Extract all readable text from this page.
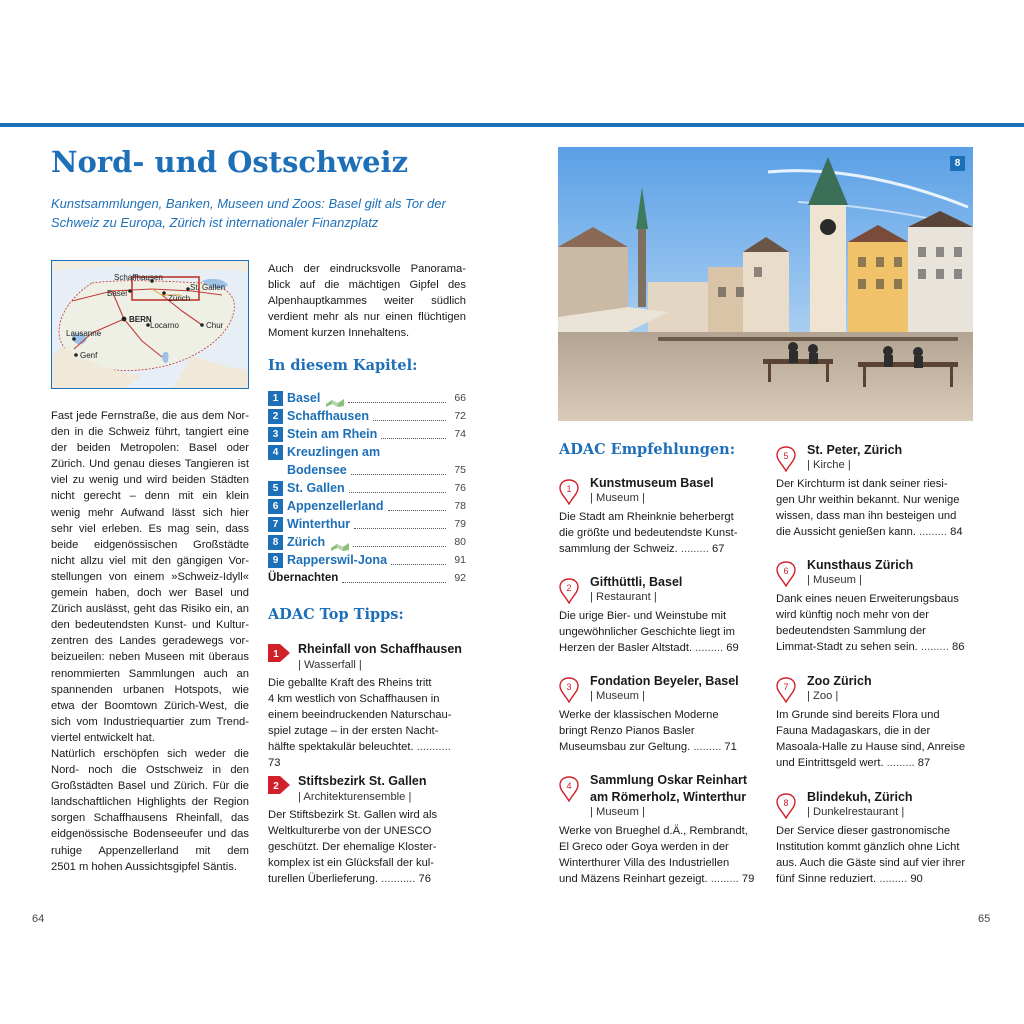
Nord- und Ostschweiz

Kunstsammlungen, Banken, Museen und Zoos: Basel gilt als Tor der Schweiz zu Europa, Zürich ist internationaler Finanzplatz

Schaffhausen
Basel
Zürich
St. Gallen
BERN
Chur
Lausanne
Genf
Locarno
Fast jede Fernstraße, die aus dem Nor-
den in die Schweiz führt, tangiert eine
der beiden Metropolen: Basel oder
Zürich. Und genau dieses Tangieren ist
viel zu wenig und wird beiden Städten
nicht gerecht – denn mit ein klein
wenig mehr Aufwand lässt sich hier
sehr viel erleben. Es mag sein, dass
beide eidgenössischen Großstädte
nicht allzu viel mit den gängigen Vor-
stellungen von einem »Schweiz-Idyll«
gemein haben, doch wer Basel und
Zürich auslässt, geht das Risiko ein, an
den bedeutendsten Kunst- und Kultur-
zentren des Landes geradewegs vor-
beizueilen: neben Museen mit überaus
renommierten Sammlungen auch an
spannenden urbanen Hotspots, wie
etwa der Boomtown Zürich-West, die
sich vom Industriequartier zum Trend-
viertel entwickelt hat.
Natürlich erschöpfen sich weder die
Nord- noch die Ostschweiz in den
Großstädten Basel und Zürich. Für die
landschaftlichen Highlights der Region
sorgen Schaffhausens Rheinfall, das
eidgenössische Bodenseeufer und das
ruhige Appenzellerland mit dem
2501 m hohen Aussichtsgipfel Säntis.
Auch der eindrucksvolle Panorama-
blick auf die mächtigen Gipfel des
Alpenhauptkammes weiter südlich
verdient mehr als nur einen flüchtigen
Moment kurzen Innehaltens.
In diesem Kapitel:
1 Basel	66
2 Schaffhausen	72
3 Stein am Rhein	74
4 Kreuzlingen am
Bodensee	75
5 St. Gallen	76
6 Appenzellerland	78
7 Winterthur	79
8 Zürich	80
9 Rapperswil-Jona	91
Übernachten	92
ADAC Top Tipps:
1 Rheinfall von Schaffhausen
| Wasserfall |
Die geballte Kraft des Rheins tritt
4 km westlich von Schaffhausen in
einem beeindruckenden Naturschau-
spiel zutage – in der ersten Nacht-
hälfte spektakulär beleuchtet. ........... 73
2 Stiftsbezirk St. Gallen
| Architekturensemble |
Der Stiftsbezirk St. Gallen wird als
Weltkulturerbe von der UNESCO
geschützt. Der ehemalige Kloster-
komplex ist ein Glücksfall der kul-
turellen Überlieferung. ........... 76
8
ADAC Empfehlungen:
1 Kunstmuseum Basel
| Museum |
Die Stadt am Rheinknie beherbergt
die größte und bedeutendste Kunst-
sammlung der Schweiz. ......... 67
2 Gifthüttli, Basel
| Restaurant |
Die urige Bier- und Weinstube mit
ungewöhnlicher Geschichte liegt im
Herzen der Basler Altstadt. ......... 69
3 Fondation Beyeler, Basel
| Museum |
Werke der klassischen Moderne
bringt Renzo Pianos Basler
Museumsbau zur Geltung. ......... 71
4 Sammlung Oskar Reinhart
am Römerholz, Winterthur
| Museum |
Werke von Brueghel d.Ä., Rembrandt,
El Greco oder Goya werden in der
Winterthurer Villa des Industriellen
und Mäzens Reinhart gezeigt. ......... 79
5 St. Peter, Zürich
| Kirche |
Der Kirchturm ist dank seiner riesi-
gen Uhr weithin bekannt. Nur wenige
wissen, dass man ihn besteigen und
die Aussicht genießen kann. ......... 84
6 Kunsthaus Zürich
| Museum |
Dank eines neuen Erweiterungsbaus
wird künftig noch mehr von der
bedeutendsten Sammlung der
Limmat-Stadt zu sehen sein. ......... 86
7 Zoo Zürich
| Zoo |
Im Grunde sind bereits Flora und
Fauna Madagaskars, die in der
Masoala-Halle zu Hause sind, Anreise
und Eintrittsgeld wert. ......... 87
8 Blindekuh, Zürich
| Dunkelrestaurant |
Der Service dieser gastronomische
Institution kommt gänzlich ohne Licht
aus. Auch die Gäste sind auf vier ihrer
fünf Sinne reduziert. ......... 90
64	65
